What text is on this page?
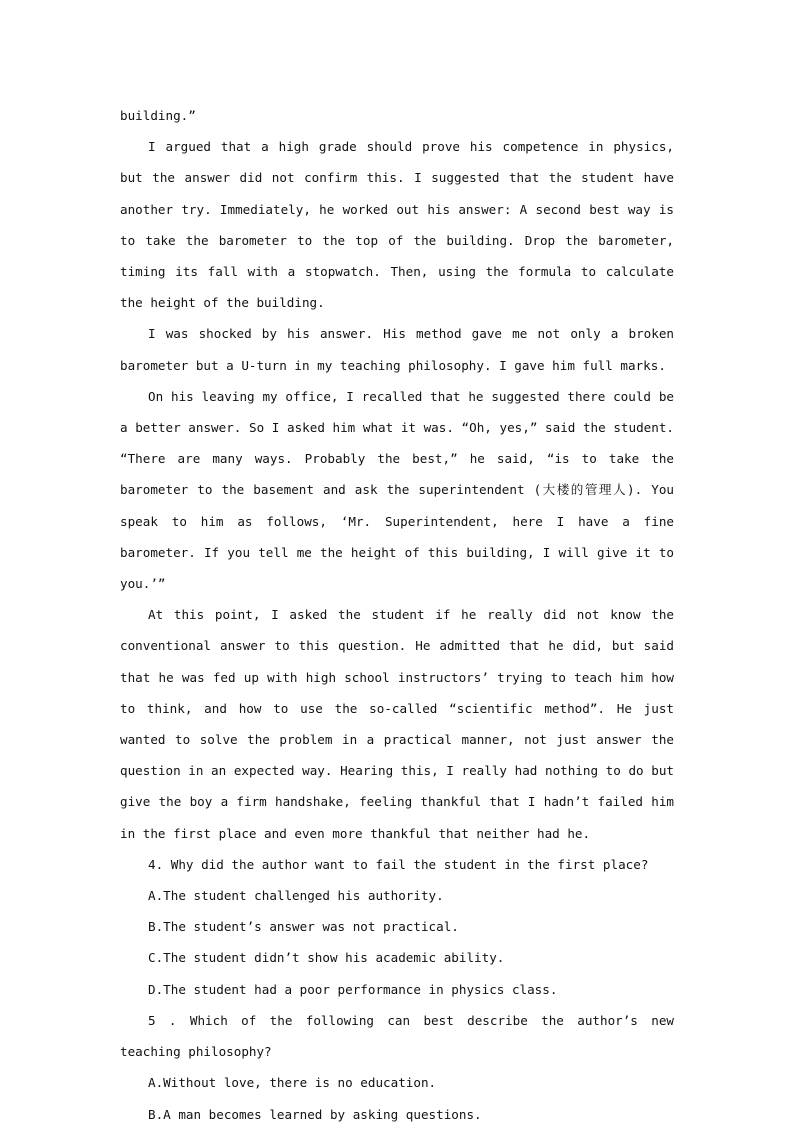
building.”

I argued that a high grade should prove his competence in physics, but the answer did not confirm this. I suggested that the student have another try. Immediately, he worked out his answer: A second best way is to take the barometer to the top of the building. Drop the barometer, timing its fall with a stopwatch. Then, using the formula to calculate the height of the building.

I was shocked by his answer. His method gave me not only a broken barometer but a U-turn in my teaching philosophy. I gave him full marks.

On his leaving my office, I recalled that he suggested there could be a better answer. So I asked him what it was. “Oh, yes,” said the student. “There are many ways. Probably the best,” he said, “is to take the barometer to the basement and ask the superintendent (大楼的管理人). You speak to him as follows, ‘Mr. Superintendent, here I have a fine barometer. If you tell me the height of this building, I will give it to you.’”

At this point, I asked the student if he really did not know the conventional answer to this question. He admitted that he did, but said that he was fed up with high school instructors’ trying to teach him how to think, and how to use the so-called “scientific method”. He just wanted to solve the problem in a practical manner, not just answer the question in an expected way. Hearing this, I really had nothing to do but give the boy a firm handshake, feeling thankful that I hadn’t failed him in the first place and even more thankful that neither had he.

4. Why did the author want to fail the student in the first place?

A.The student challenged his authority.

B.The student’s answer was not practical.

C.The student didn’t show his academic ability.

D.The student had a poor performance in physics class.

5 . Which of the following can best describe the author’s new teaching philosophy?

A.Without love, there is no education.

B.A man becomes learned by asking questions.
